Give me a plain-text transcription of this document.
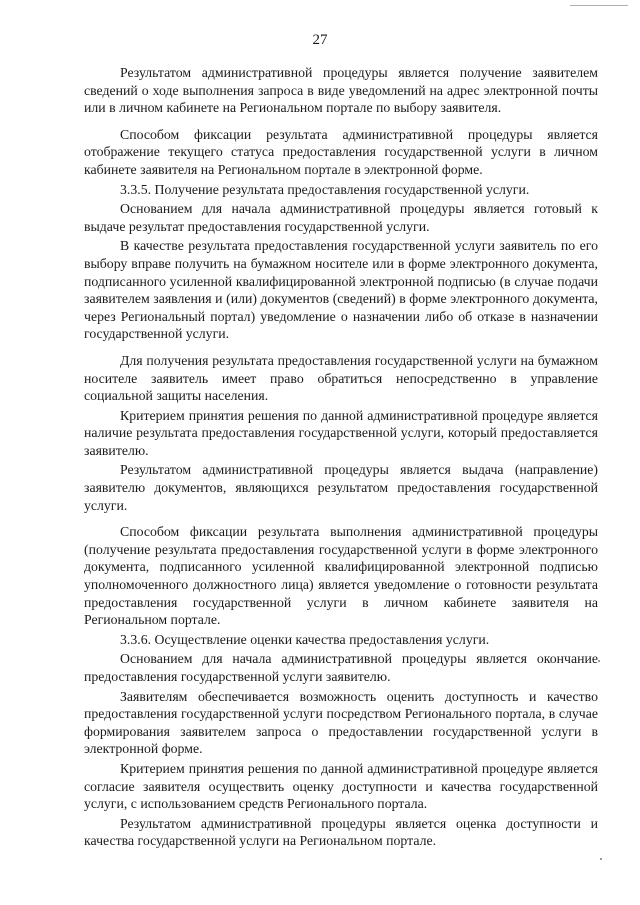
27

Результатом административной процедуры является получение заявителем сведений о ходе выполнения запроса в виде уведомлений на адрес электронной почты или в личном кабинете на Региональном портале по выбору заявителя.

Способом фиксации результата административной процедуры является отображение текущего статуса предоставления государственной услуги в личном кабинете заявителя на Региональном портале в электронной форме.

3.3.5. Получение результата предоставления государственной услуги.

Основанием для начала административной процедуры является готовый к выдаче результат предоставления государственной услуги.

В качестве результата предоставления государственной услуги заявитель по его выбору вправе получить на бумажном носителе или в форме электронного документа, подписанного усиленной квалифицированной электронной подписью (в случае подачи заявителем заявления и (или) документов (сведений) в форме электронного документа, через Региональный портал) уведомление о назначении либо об отказе в назначении государственной услуги.

Для получения результата предоставления государственной услуги на бумажном носителе заявитель имеет право обратиться непосредственно в управление социальной защиты населения.

Критерием принятия решения по данной административной процедуре является наличие результата предоставления государственной услуги, который предоставляется заявителю.

Результатом административной процедуры является выдача (направление) заявителю документов, являющихся результатом предоставления государственной услуги.

Способом фиксации результата выполнения административной процедуры (получение результата предоставления государственной услуги в форме электронного документа, подписанного усиленной квалифицированной электронной подписью уполномоченного должностного лица) является уведомление о готовности результата предоставления государственной услуги в личном кабинете заявителя на Региональном портале.

3.3.6. Осуществление оценки качества предоставления услуги.

Основанием для начала административной процедуры является окончание предоставления государственной услуги заявителю.

Заявителям обеспечивается возможность оценить доступность и качество предоставления государственной услуги посредством Регионального портала, в случае формирования заявителем запроса о предоставлении государственной услуги в электронной форме.

Критерием принятия решения по данной административной процедуре является согласие заявителя осуществить оценку доступности и качества государственной услуги, с использованием средств Регионального портала.

Результатом административной процедуры является оценка доступности и качества государственной услуги на Региональном портале.
